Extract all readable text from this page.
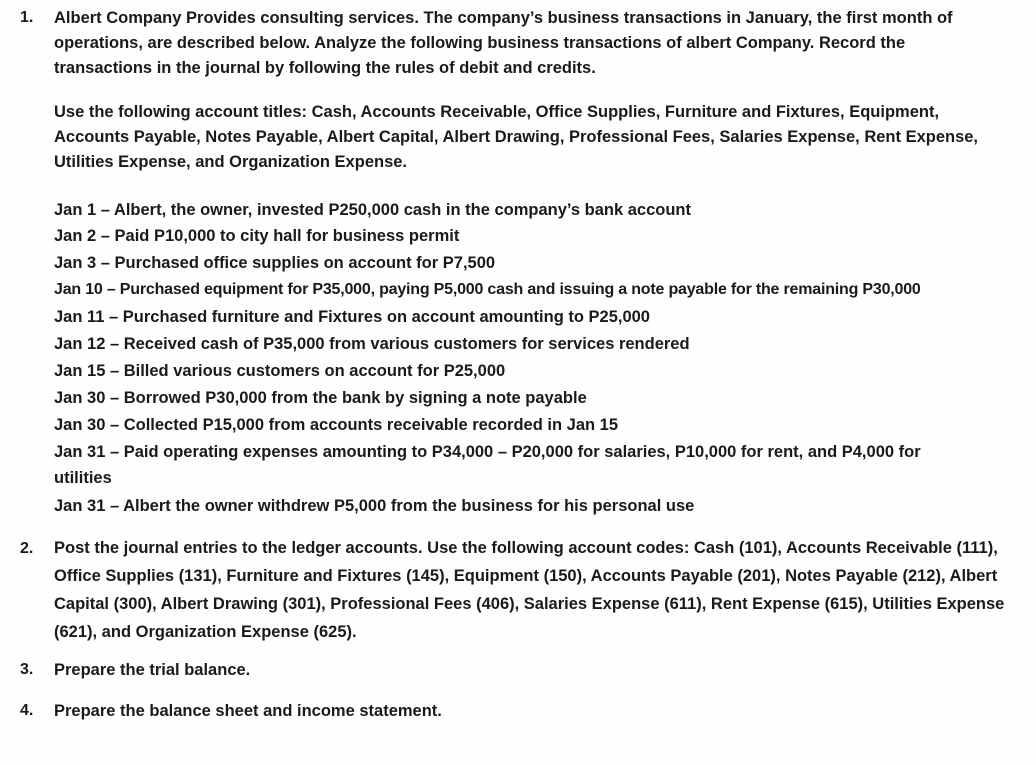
1. Albert Company Provides consulting services. The company’s business transactions in January, the first month of operations, are described below. Analyze the following business transactions of albert Company. Record the transactions in the journal by following the rules of debit and credits.
Use the following account titles: Cash, Accounts Receivable, Office Supplies, Furniture and Fixtures, Equipment, Accounts Payable, Notes Payable, Albert Capital, Albert Drawing, Professional Fees, Salaries Expense, Rent Expense, Utilities Expense, and Organization Expense.
Jan 1 – Albert, the owner, invested P250,000 cash in the company’s bank account
Jan 2 – Paid P10,000 to city hall for business permit
Jan 3 – Purchased office supplies on account for P7,500
Jan 10 – Purchased equipment for P35,000, paying P5,000 cash and issuing a note payable for the remaining P30,000
Jan 11 – Purchased furniture and Fixtures on account amounting to P25,000
Jan 12 – Received cash of P35,000 from various customers for services rendered
Jan 15 – Billed various customers on account for P25,000
Jan 30 – Borrowed P30,000 from the bank by signing a note payable
Jan 30 – Collected P15,000 from accounts receivable recorded in Jan 15
Jan 31 – Paid operating expenses amounting to P34,000 – P20,000 for salaries, P10,000 for rent, and P4,000 for utilities
Jan 31 – Albert the owner withdrew P5,000 from the business for his personal use
2. Post the journal entries to the ledger accounts. Use the following account codes: Cash (101), Accounts Receivable (111), Office Supplies (131), Furniture and Fixtures (145), Equipment (150), Accounts Payable (201), Notes Payable (212), Albert Capital (300), Albert Drawing (301), Professional Fees (406), Salaries Expense (611), Rent Expense (615), Utilities Expense (621), and Organization Expense (625).
3. Prepare the trial balance.
4. Prepare the balance sheet and income statement.
